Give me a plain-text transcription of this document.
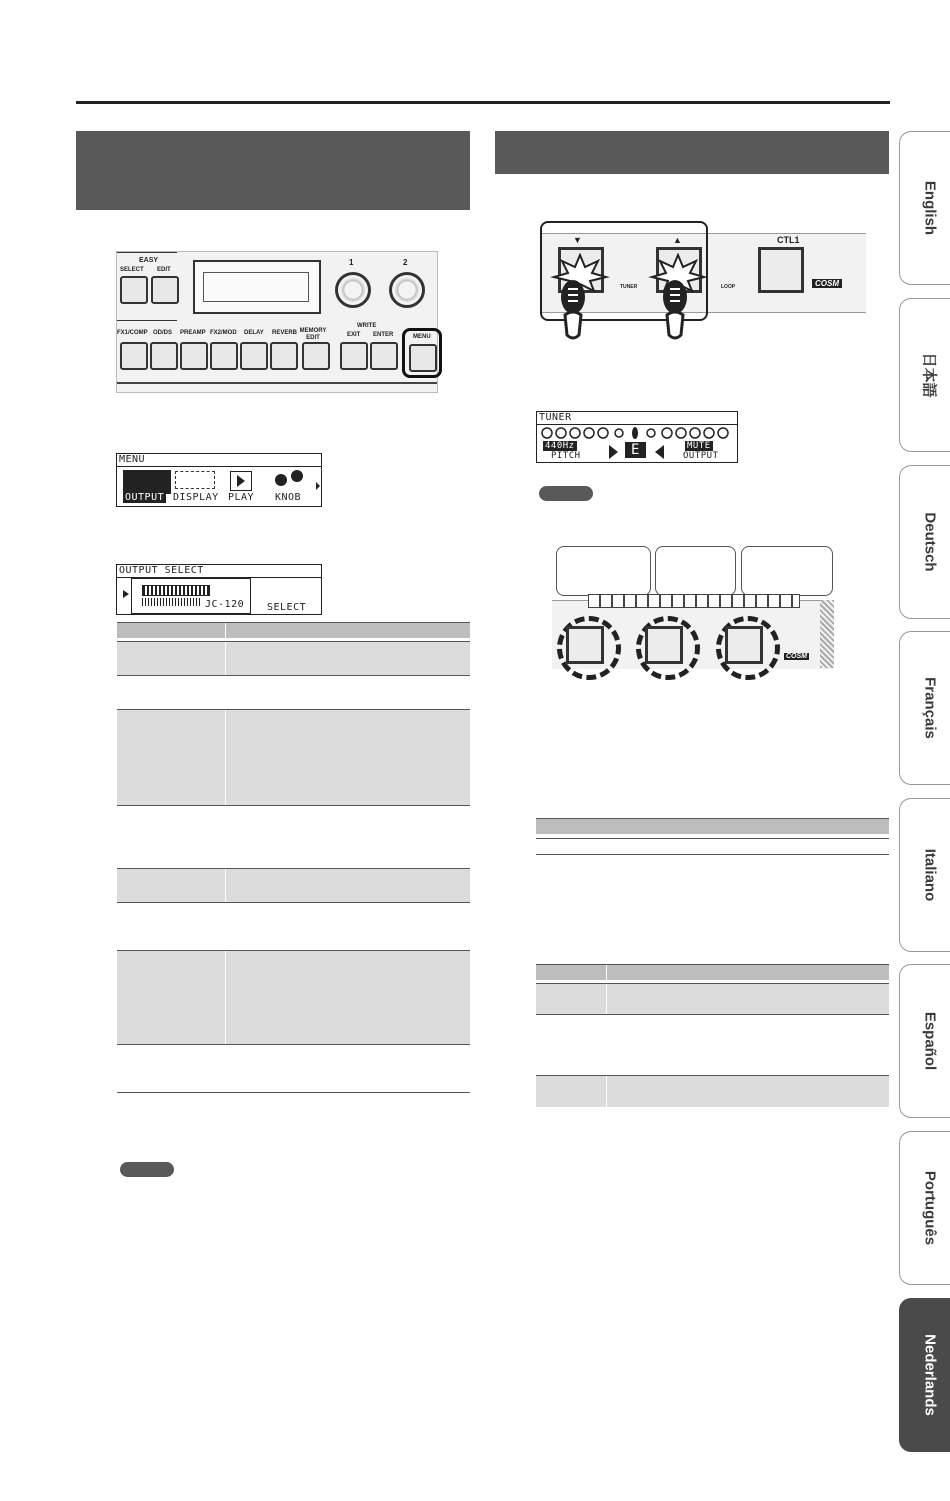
EASY
SELECT EDIT
1	2
FX1/COMP OD/DS PREAMP FX2/MOD DELAY REVERB MEMORY EDIT
WRITE
EXIT ENTER	MENU
MENU
OUTPUT DISPLAY PLAY KNOB
OUTPUT SELECT
JC-120 SELECT
▼	▲
TUNER	LOOP
CTL1
COSM
TUNER
440Hz
PITCH	E	MUTE
OUTPUT
COSM
English
日本語
Deutsch
Français
Italiano
Español
Português
Nederlands
